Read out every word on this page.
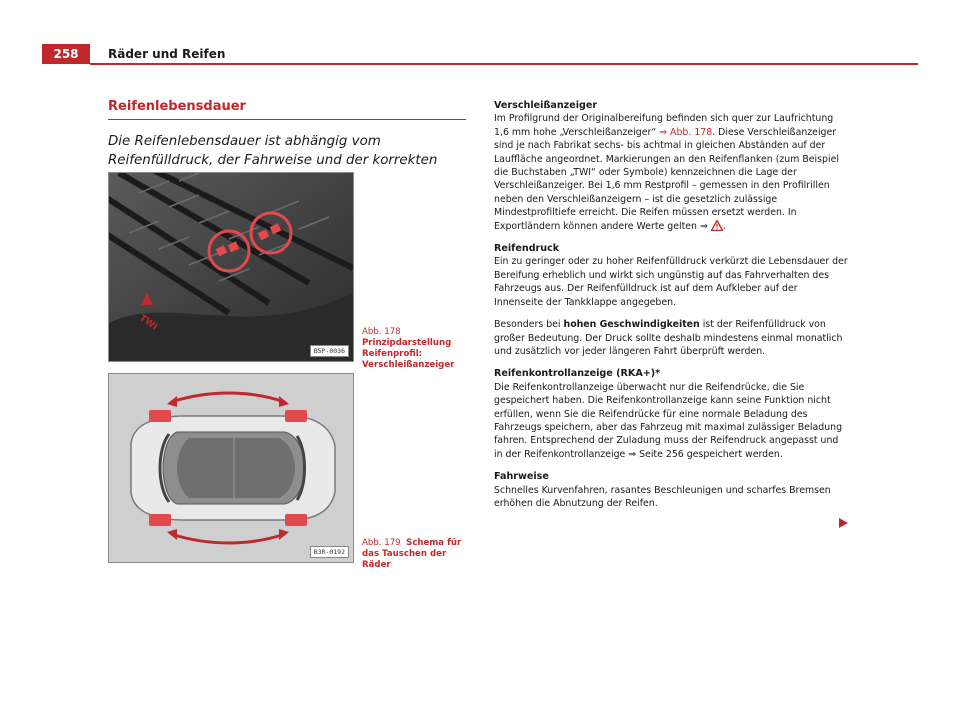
258	Räder und Reifen
Reifenlebensdauer

Die Reifenlebensdauer ist abhängig vom Reifenfülldruck, der Fahrweise und der korrekten

TWI
B5P-0036
Abb. 178  Prinzipdarstellung Reifenprofil: Verschleißanzeiger
B3R-0192
Abb. 179 Schema für das Tauschen der Räder
Verschleißanzeiger

Im Profilgrund der Originalbereifung befinden sich quer zur Laufrichtung 1,6 mm hohe „Verschleißanzeiger“ ⇒ Abb. 178. Diese Verschleißanzeiger sind je nach Fabrikat sechs- bis achtmal in gleichen Abständen auf der Lauffläche angeordnet. Markierungen an den Reifenflanken (zum Beispiel die Buchstaben „TWI“ oder Symbole) kennzeichnen die Lage der Verschleißanzeiger. Bei 1,6 mm Restprofil – gemessen in den Profilrillen neben den Verschleißanzeigern – ist die gesetzlich zulässige Mindestprofiltiefe erreicht. Die Reifen müssen ersetzt werden. In Exportländern können andere Werte gelten ⇒ .

Reifendruck

Ein zu geringer oder zu hoher Reifenfülldruck verkürzt die Lebensdauer der Bereifung erheblich und wirkt sich ungünstig auf das Fahrverhalten des Fahrzeugs aus. Der Reifenfülldruck ist auf dem Aufkleber auf der Innenseite der Tankklappe angegeben.

Besonders bei hohen Geschwindigkeiten ist der Reifenfülldruck von großer Bedeutung. Der Druck sollte deshalb mindestens einmal monatlich und zusätzlich vor jeder längeren Fahrt überprüft werden.

Reifenkontrollanzeige (RKA+)*

Die Reifenkontrollanzeige überwacht nur die Reifendrücke, die Sie gespeichert haben. Die Reifenkontrollanzeige kann seine Funktion nicht erfüllen, wenn Sie die Reifendrücke für eine normale Beladung des Fahrzeugs speichern, aber das Fahrzeug mit maximal zulässiger Beladung fahren. Entsprechend der Zuladung muss der Reifendruck angepasst und in der Reifenkontrollanzeige ⇒ Seite 256 gespeichert werden.

Fahrweise

Schnelles Kurvenfahren, rasantes Beschleunigen und scharfes Bremsen erhöhen die Abnutzung der Reifen.
